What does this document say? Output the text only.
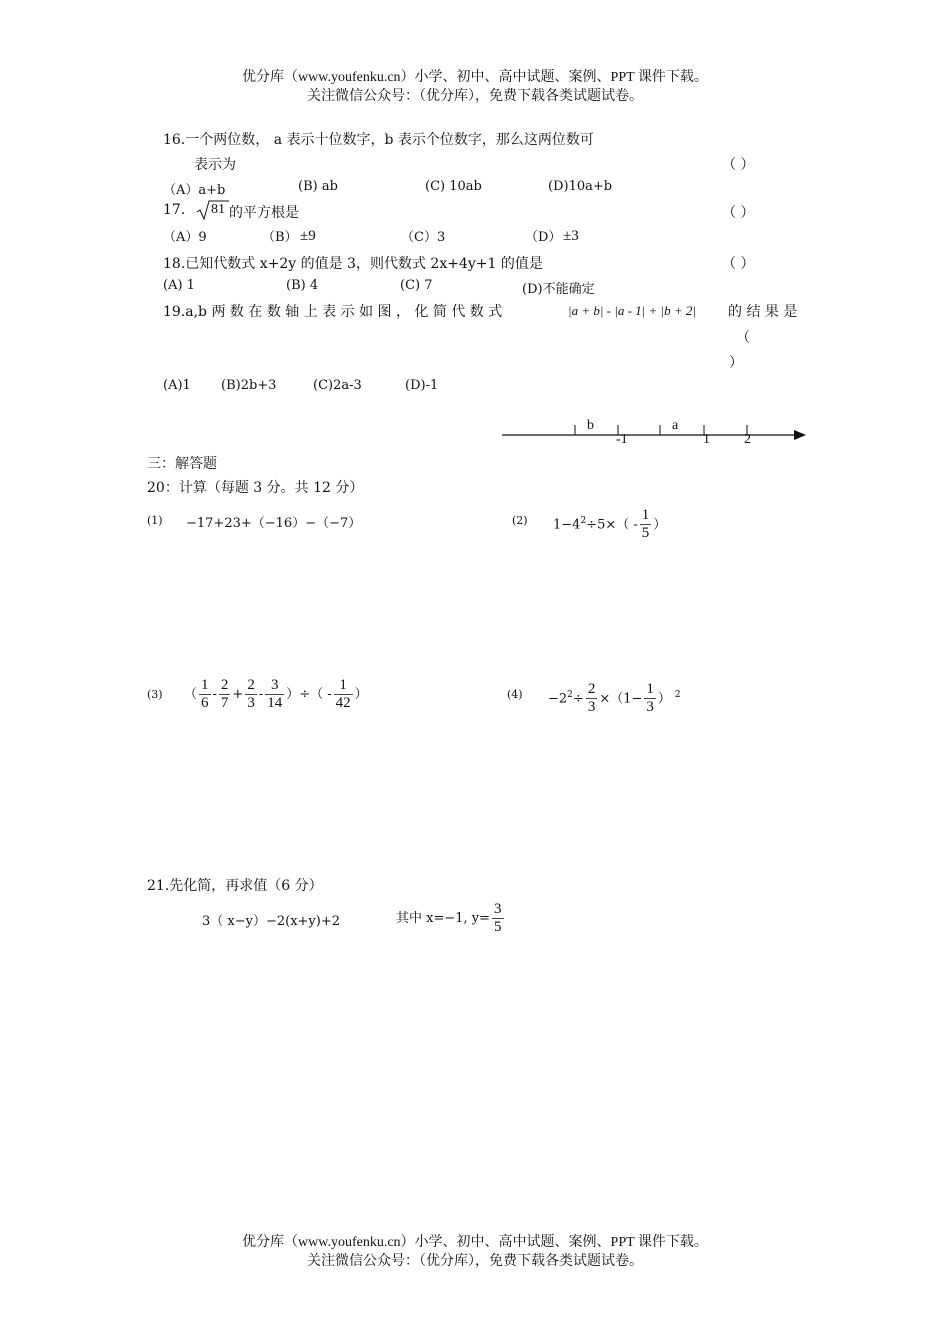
优分库（www.youfenku.cn）小学、初中、高中试题、案例、PPT 课件下载。
关注微信公众号：（优分库），免费下载各类试题试卷。
16.一个两位数， a 表示十位数字，b 表示个位数字，那么这两位数可
表示为	（ ）
（A）a+b	(B) ab	(C) 10ab	(D)10a+b
17. 81 的平方根是	（ ）
（A）9	（B） ±9	（C）3	（D） ±3
18.已知代数式 x+2y 的值是 3，则代数式 2x+4y+1 的值是	（ ）
(A) 1	(B) 4	(C) 7	(D)不能确定
19.a,b 两 数 在 数 轴 上 表 示 如 图 ， 化 简 代 数 式	|a + b| - |a - 1| + |b + 2| 的 结 果 是
（
）
(A)1 (B)2b+3	(C)2a-3	(D)-1
b	a
-1	1 2
三：解答题
20：计算（每题 3 分。共 12 分）
(1) −17+23+（−16）−（−7）	(2) $1-4^2\div 5\times( - \frac{1}{5}$ ）
(3) （ $\frac{1}{6} - \frac{2}{7} + \frac{2}{3} - \frac{3}{14}$ ）÷（ - $\frac{1}{42}$ ）	$(4) -2^2\div \frac{2}{3} \times(1- \frac{1}{3}$ ） $^2$
21.先化简，再求值（6 分）
3（ x−y）−2(x+y)+2	其中 x=−1, $y= \frac{3}{5}$
优分库（www.youfenku.cn）小学、初中、高中试题、案例、PPT 课件下载。
关注微信公众号：（优分库），免费下载各类试题试卷。
